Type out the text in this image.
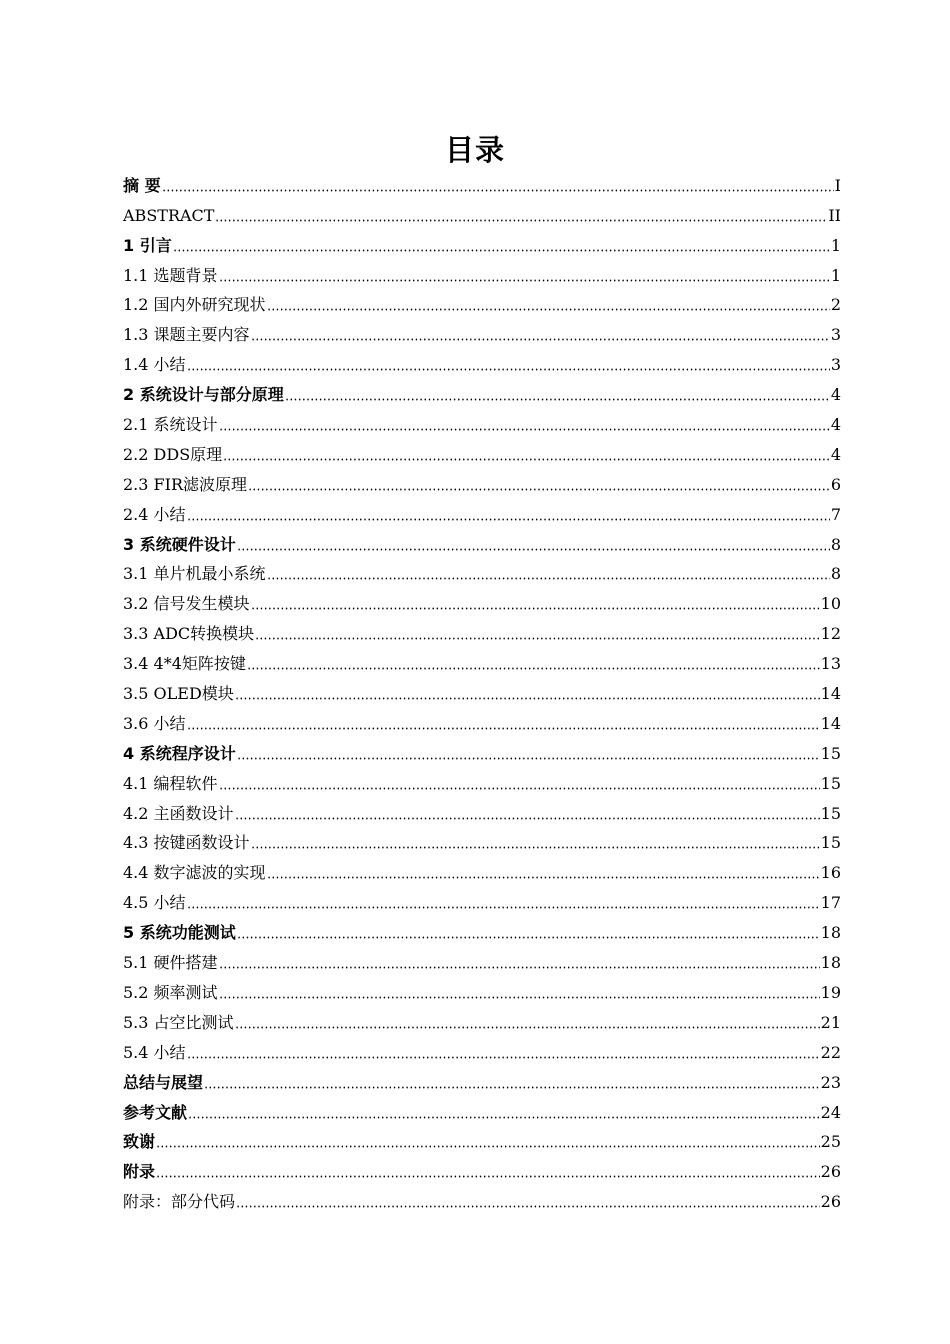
目录
摘 要	I
ABSTRACT	II
1 引言	1
1.1 选题背景	1
1.2 国内外研究现状	2
1.3 课题主要内容	3
1.4 小结	3
2 系统设计与部分原理	4
2.1 系统设计	4
2.2 DDS原理	4
2.3 FIR滤波原理	6
2.4 小结	7
3 系统硬件设计	8
3.1 单片机最小系统	8
3.2 信号发生模块	10
3.3 ADC转换模块	12
3.4 4*4矩阵按键	13
3.5 OLED模块	14
3.6 小结	14
4 系统程序设计	15
4.1 编程软件	15
4.2 主函数设计	15
4.3 按键函数设计	15
4.4 数字滤波的实现	16
4.5 小结	17
5 系统功能测试	18
5.1 硬件搭建	18
5.2 频率测试	19
5.3 占空比测试	21
5.4 小结	22
总结与展望	23
参考文献	24
致谢	25
附录	26
附录：部分代码	26
